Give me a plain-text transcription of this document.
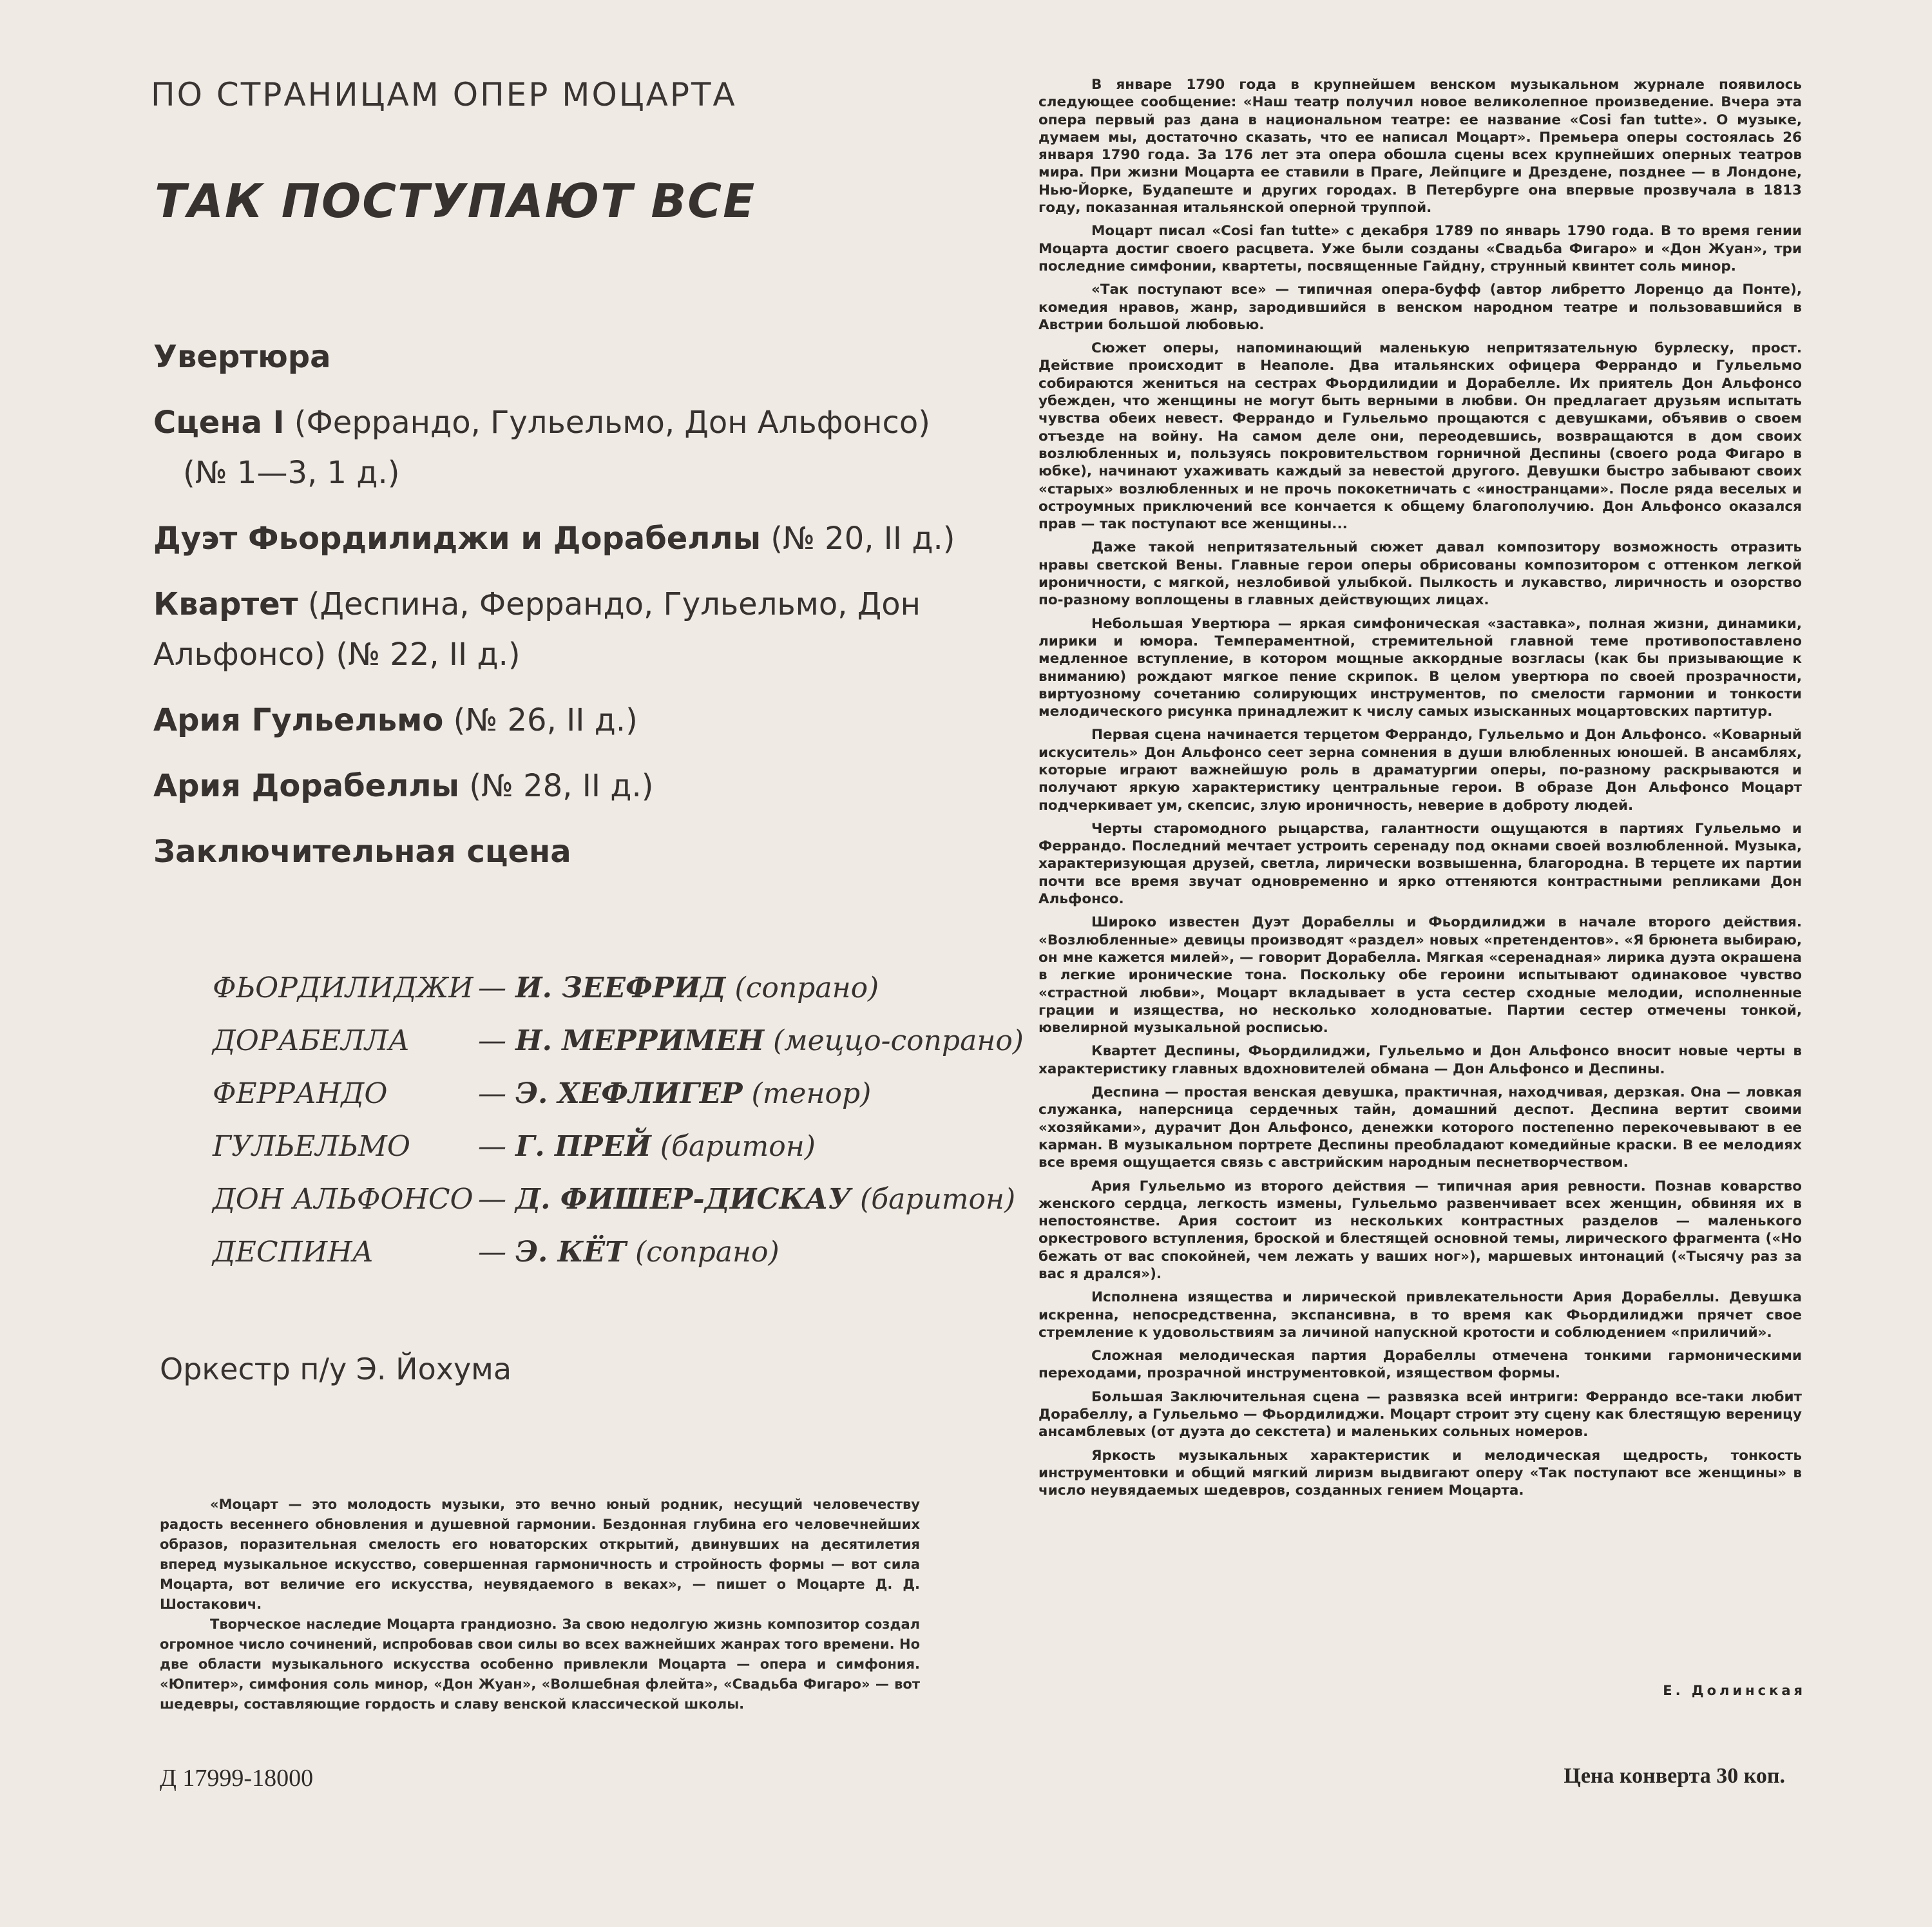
ПО СТРАНИЦАМ ОПЕР МОЦАРТА
ТАК ПОСТУПАЮТ ВСЕ
Увертюра
Сцена I (Феррандо, Гульельмо, Дон Альфонсо)
(№ 1—3, 1 д.)
Дуэт Фьордилиджи и Дорабеллы (№ 20, II д.)
Квартет (Деспина, Феррандо, Гульельмо, Дон
Альфонсо) (№ 22, II д.)
Ария Гульельмо (№ 26, II д.)
Ария Дорабеллы (№ 28, II д.)
Заключительная сцена
ФЬОРДИЛИДЖИ — И. ЗЕЕФРИД (сопрано)
ДОРАБЕЛЛА — Н. МЕРРИМЕН (меццо-сопрано)
ФЕРРАНДО	— Э. ХЕФЛИГЕР (тенор)
ГУЛЬЕЛЬМО — Г. ПРЕЙ (баритон)
ДОН АЛЬФОНСО — Д. ФИШЕР-ДИСКАУ (баритон)
ДЕСПИНА	— Э. КЁТ (сопрано)
Оркестр п/у Э. Йохума

«Моцарт — это молодость музыки, это вечно юный родник, несущий человечеству радость весеннего обновления и душевной гармонии. Бездонная глубина его человечнейших образов, поразительная смелость его новаторских открытий, двинувших на десятилетия вперед музыкальное искусство, совершенная гармоничность и стройность формы — вот сила Моцарта, вот величие его искусства, неувядаемого в веках», — пишет о Моцарте Д. Д. Шостакович.

Творческое наследие Моцарта грандиозно. За свою недолгую жизнь композитор создал огромное число сочинений, испробовав свои силы во всех важнейших жанрах того времени. Но две области музыкального искусства особенно привлекли Моцарта — опера и симфония. «Юпитер», симфония соль минор, «Дон Жуан», «Волшебная флейта», «Свадьба Фигаро» — вот шедевры, составляющие гордость и славу венской классической школы.

Д 17999-18000

В январе 1790 года в крупнейшем венском музыкальном журнале появилось следующее сообщение: «Наш театр получил новое великолепное произведение. Вчера эта опера первый раз дана в национальном театре: ее название «Cosi fan tutte». О музыке, думаем мы, достаточно сказать, что ее написал Моцарт». Премьера оперы состоялась 26 января 1790 года. За 176 лет эта опера обошла сцены всех крупнейших оперных театров мира. При жизни Моцарта ее ставили в Праге, Лейпциге и Дрездене, позднее — в Лондоне, Нью-Йорке, Будапеште и других городах. В Петербурге она впервые прозвучала в 1813 году, показанная итальянской оперной труппой.

Моцарт писал «Cosi fan tutte» с декабря 1789 по январь 1790 года. В то время гении Моцарта достиг своего расцвета. Уже были созданы «Свадьба Фигаро» и «Дон Жуан», три последние симфонии, квартеты, посвященные Гайдну, струнный квинтет соль минор.

«Так поступают все» — типичная опера-буфф (автор либретто Лоренцо да Понте), комедия нравов, жанр, зародившийся в венском народном театре и пользовавшийся в Австрии большой любовью.

Сюжет оперы, напоминающий маленькую непритязательную бурлеску, прост. Действие происходит в Неаполе. Два итальянских офицера Феррандо и Гульельмо собираются жениться на сестрах Фьордилидии и Дорабелле. Их приятель Дон Альфонсо убежден, что женщины не могут быть верными в любви. Он предлагает друзьям испытать чувства обеих невест. Феррандо и Гульельмо прощаются с девушками, объявив о своем отъезде на войну. На самом деле они, переодевшись, возвращаются в дом своих возлюбленных и, пользуясь покровительством горничной Деспины (своего рода Фигаро в юбке), начинают ухаживать каждый за невестой другого. Девушки быстро забывают своих «старых» возлюбленных и не прочь пококетничать с «иностранцами». После ряда веселых и остроумных приключений все кончается к общему благополучию. Дон Альфонсо оказался прав — так поступают все женщины...

Даже такой непритязательный сюжет давал композитору возможность отразить нравы светской Вены. Главные герои оперы обрисованы композитором с оттенком легкой ироничности, с мягкой, незлобивой улыбкой. Пылкость и лукавство, лиричность и озорство по-разному воплощены в главных действующих лицах.

Небольшая Увертюра — яркая симфоническая «заставка», полная жизни, динамики, лирики и юмора. Темпераментной, стремительной главной теме противопоставлено медленное вступление, в котором мощные аккордные возгласы (как бы призывающие к вниманию) рождают мягкое пение скрипок. В целом увертюра по своей прозрачности, виртуозному сочетанию солирующих инструментов, по смелости гармонии и тонкости мелодического рисунка принадлежит к числу самых изысканных моцартовских партитур.

Первая сцена начинается терцетом Феррандо, Гульельмо и Дон Альфонсо. «Коварный искуситель» Дон Альфонсо сеет зерна сомнения в души влюбленных юношей. В ансамблях, которые играют важнейшую роль в драматургии оперы, по-разному раскрываются и получают яркую характеристику центральные герои. В образе Дон Альфонсо Моцарт подчеркивает ум, скепсис, злую ироничность, неверие в доброту людей.

Черты старомодного рыцарства, галантности ощущаются в партиях Гульельмо и Феррандо. Последний мечтает устроить серенаду под окнами своей возлюбленной. Музыка, характеризующая друзей, светла, лирически возвышенна, благородна. В терцете их партии почти все время звучат одновременно и ярко оттеняются контрастными репликами Дон Альфонсо.

Широко известен Дуэт Дорабеллы и Фьордилиджи в начале второго действия. «Возлюбленные» девицы производят «раздел» новых «претендентов». «Я брюнета выбираю, он мне кажется милей», — говорит Дорабелла. Мягкая «серенадная» лирика дуэта окрашена в легкие иронические тона. Поскольку обе героини испытывают одинаковое чувство «страстной любви», Моцарт вкладывает в уста сестер сходные мелодии, исполненные грации и изящества, но несколько холодноватые. Партии сестер отмечены тонкой, ювелирной музыкальной росписью.

Квартет Деспины, Фьордилиджи, Гульельмо и Дон Альфонсо вносит новые черты в характеристику главных вдохновителей обмана — Дон Альфонсо и Деспины.

Деспина — простая венская девушка, практичная, находчивая, дерзкая. Она — ловкая служанка, наперсница сердечных тайн, домашний деспот. Деспина вертит своими «хозяйками», дурачит Дон Альфонсо, денежки которого постепенно перекочевывают в ее карман. В музыкальном портрете Деспины преобладают комедийные краски. В ее мелодиях все время ощущается связь с австрийским народным песнетворчеством.

Ария Гульельмо из второго действия — типичная ария ревности. Познав коварство женского сердца, легкость измены, Гульельмо развенчивает всех женщин, обвиняя их в непостоянстве. Ария состоит из нескольких контрастных разделов — маленького оркестрового вступления, броской и блестящей основной темы, лирического фрагмента («Но бежать от вас спокойней, чем лежать у ваших ног»), маршевых интонаций («Тысячу раз за вас я дрался»).

Исполнена изящества и лирической привлекательности Ария Дорабеллы. Девушка искренна, непосредственна, экспансивна, в то время как Фьордилиджи прячет свое стремление к удовольствиям за личиной напускной кротости и соблюдением «приличий».

Сложная мелодическая партия Дорабеллы отмечена тонкими гармоническими переходами, прозрачной инструментовкой, изяществом формы.

Большая Заключительная сцена — развязка всей интриги: Феррандо все-таки любит Дорабеллу, а Гульельмо — Фьордилиджи. Моцарт строит эту сцену как блестящую вереницу ансамблевых (от дуэта до секстета) и маленьких сольных номеров.

Яркость музыкальных характеристик и мелодическая щедрость, тонкость инструментовки и общий мягкий лиризм выдвигают оперу «Так поступают все женщины» в число неувядаемых шедевров, созданных гением Моцарта.

Е. Долинская
Цена конверта 30 коп.
